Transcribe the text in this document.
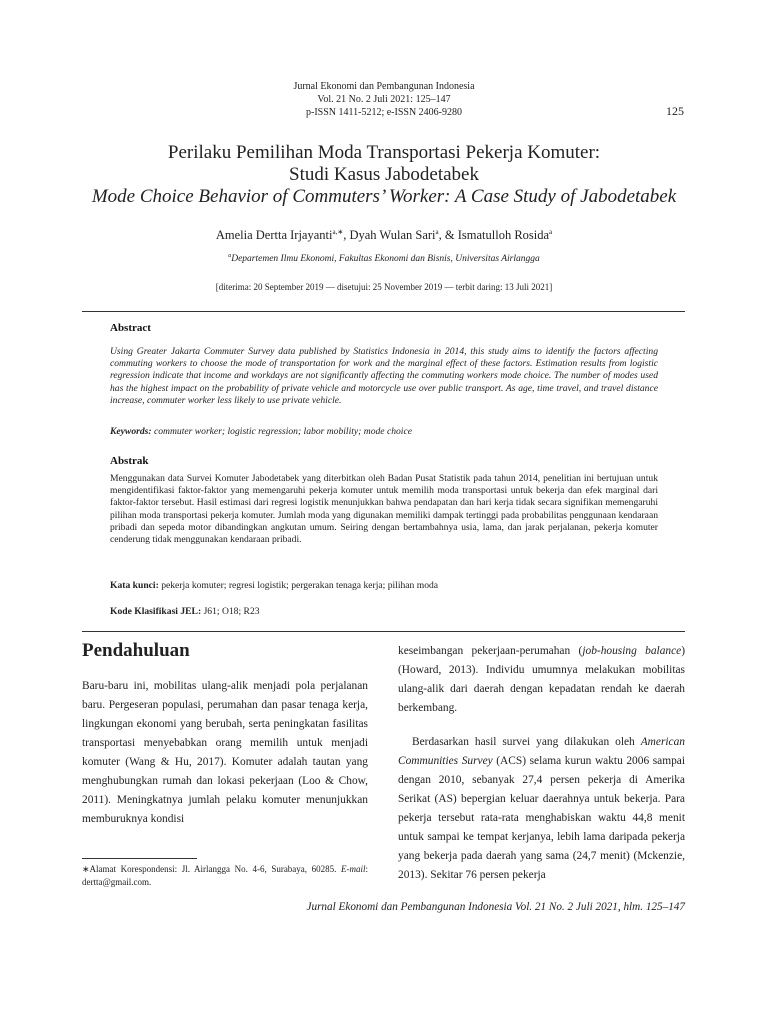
Jurnal Ekonomi dan Pembangunan Indonesia
Vol. 21 No. 2 Juli 2021: 125–147
p-ISSN 1411-5212; e-ISSN 2406-9280	125
Perilaku Pemilihan Moda Transportasi Pekerja Komuter:
Studi Kasus Jabodetabek
Mode Choice Behavior of Commuters’ Worker: A Case Study of Jabodetabek
Amelia Dertta Irjayanti$^{a,∗}$, Dyah Wulan Sari$^a$, & Ismatulloh Rosida$^a$
$^a$Departemen Ilmu Ekonomi, Fakultas Ekonomi dan Bisnis, Universitas Airlangga
[diterima: 20 September 2019 — disetujui: 25 November 2019 — terbit daring: 13 Juli 2021]
Abstract
Using Greater Jakarta Commuter Survey data published by Statistics Indonesia in 2014, this study aims to identify the factors affecting commuting workers to choose the mode of transportation for work and the marginal effect of these factors. Estimation results from logistic regression indicate that income and workdays are not significantly affecting the commuting workers mode choice. The number of modes used has the highest impact on the probability of private vehicle and motorcycle use over public transport. As age, time travel, and travel distance increase, commuter worker less likely to use private vehicle.
Keywords: commuter worker; logistic regression; labor mobility; mode choice
Abstrak
Menggunakan data Survei Komuter Jabodetabek yang diterbitkan oleh Badan Pusat Statistik pada tahun 2014, penelitian ini bertujuan untuk mengidentifikasi faktor-faktor yang memengaruhi pekerja komuter untuk memilih moda transportasi untuk bekerja dan efek marginal dari faktor-faktor tersebut. Hasil estimasi dari regresi logistik menunjukkan bahwa pendapatan dan hari kerja tidak secara signifikan memengaruhi pilihan moda transportasi pekerja komuter. Jumlah moda yang digunakan memiliki dampak tertinggi pada probabilitas penggunaan kendaraan pribadi dan sepeda motor dibandingkan angkutan umum. Seiring dengan bertambahnya usia, lama, dan jarak perjalanan, pekerja komuter cenderung tidak menggunakan kendaraan pribadi.
Kata kunci: pekerja komuter; regresi logistik; pergerakan tenaga kerja; pilihan moda
Kode Klasifikasi JEL: J61; O18; R23
Pendahuluan

Baru-baru ini, mobilitas ulang-alik menjadi pola perjalanan baru. Pergeseran populasi, perumahan dan pasar tenaga kerja, lingkungan ekonomi yang berubah, serta peningkatan fasilitas transportasi menyebabkan orang memilih untuk menjadi komuter (Wang & Hu, 2017). Komuter adalah tautan yang menghubungkan rumah dan lokasi pekerjaan (Loo & Chow, 2011). Meningkatnya jumlah pelaku komuter menunjukkan memburuknya kondisi

keseimbangan pekerjaan-perumahan (job-housing balance) (Howard, 2013). Individu umumnya melakukan mobilitas ulang-alik dari daerah dengan kepadatan rendah ke daerah berkembang.

Berdasarkan hasil survei yang dilakukan oleh American Communities Survey (ACS) selama kurun waktu 2006 sampai dengan 2010, sebanyak 27,4 persen pekerja di Amerika Serikat (AS) bepergian keluar daerahnya untuk bekerja. Para pekerja tersebut rata-rata menghabiskan waktu 44,8 menit untuk sampai ke tempat kerjanya, lebih lama daripada pekerja yang bekerja pada daerah yang sama (24,7 menit) (Mckenzie, 2013). Sekitar 76 persen pekerja

∗Alamat Korespondensi: Jl. Airlangga No. 4-6, Surabaya, 60285. E-mail: dertta@gmail.com.
Jurnal Ekonomi dan Pembangunan Indonesia Vol. 21 No. 2 Juli 2021, hlm. 125–147
